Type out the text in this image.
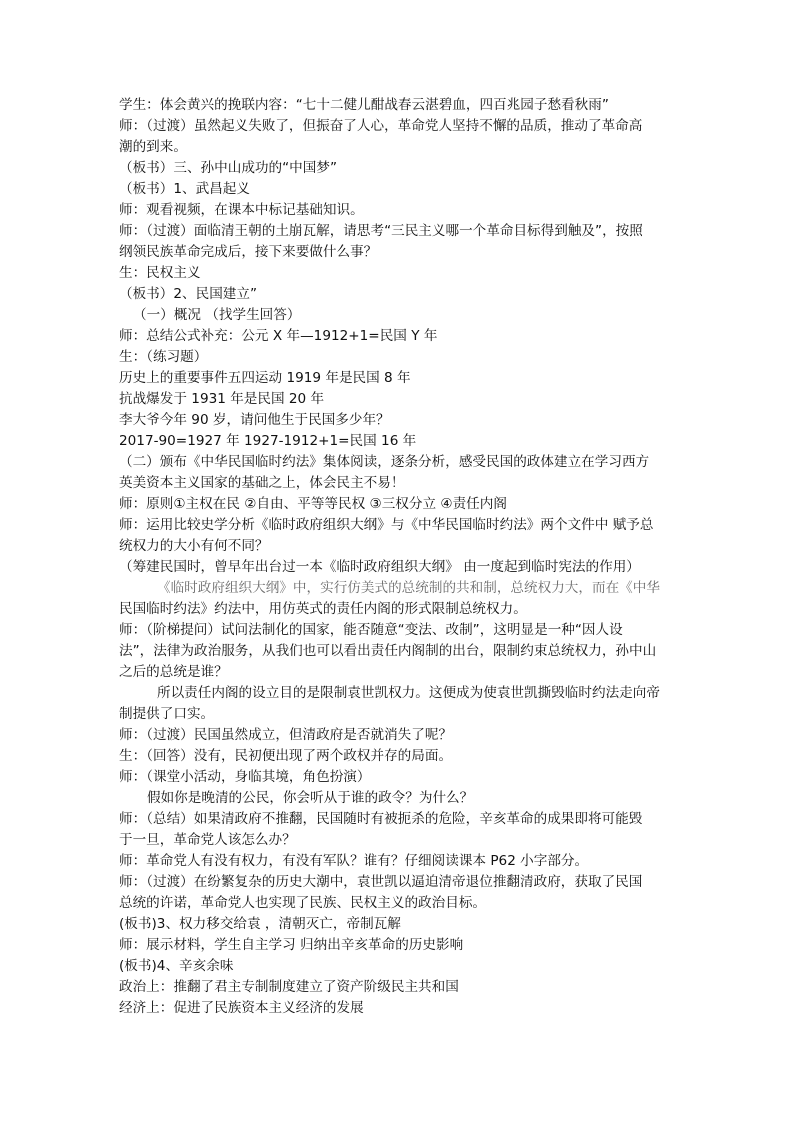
学生：体会黄兴的挽联内容：“七十二健儿酣战春云湛碧血，四百兆园子愁看秋雨”
师：（过渡）虽然起义失败了，但振奋了人心，革命党人坚持不懈的品质，推动了革命高
潮的到来。
（板书）三、孙中山成功的“中国梦”
（板书）1、武昌起义
师：观看视频，在课本中标记基础知识。
师：（过渡）面临清王朝的土崩瓦解，请思考“三民主义哪一个革命目标得到触及”，按照
纲领民族革命完成后，接下来要做什么事？
生：民权主义
（板书）2、民国建立”
（一）概况 （找学生回答）
师：总结公式补充：公元 X 年—1912+1=民国 Y 年
生：（练习题）
历史上的重要事件五四运动 1919 年是民国 8 年
抗战爆发于 1931 年是民国 20 年
李大爷今年 90 岁，请问他生于民国多少年？
2017-90=1927 年 1927-1912+1=民国 16 年
（二）颁布《中华民国临时约法》集体阅读，逐条分析，感受民国的政体建立在学习西方
英美资本主义国家的基础之上，体会民主不易！
师：原则①主权在民 ②自由、平等等民权 ③三权分立 ④责任内阁
师：运用比较史学分析《临时政府组织大纲》与《中华民国临时约法》两个文件中 赋予总
统权力的大小有何不同？
（筹建民国时，曾早年出台过一本《临时政府组织大纲》 由一度起到临时宪法的作用）
《临时政府组织大纲》中，实行仿美式的总统制的共和制，总统权力大，而在《中华
民国临时约法》约法中，用仿英式的责任内阁的形式限制总统权力。
师：（阶梯提问）试问法制化的国家，能否随意“变法、改制”，这明显是一种“因人设
法”，法律为政治服务，从我们也可以看出责任内阁制的出台，限制约束总统权力，孙中山
之后的总统是谁？
所以责任内阁的设立目的是限制袁世凯权力。这便成为使袁世凯撕毁临时约法走向帝
制提供了口实。
师：（过渡）民国虽然成立，但清政府是否就消失了呢？
生：（回答）没有，民初便出现了两个政权并存的局面。
师：（课堂小活动，身临其境，角色扮演）
假如你是晚清的公民，你会听从于谁的政令？为什么？
师：（总结）如果清政府不推翻，民国随时有被扼杀的危险，辛亥革命的成果即将可能毁
于一旦，革命党人该怎么办？
师：革命党人有没有权力，有没有军队？谁有？仔细阅读课本 P62 小字部分。
师：（过渡）在纷繁复杂的历史大潮中，袁世凯以逼迫清帝退位推翻清政府，获取了民国
总统的许诺，革命党人也实现了民族、民权主义的政治目标。
(板书)3、权力移交给袁 ，清朝灭亡，帝制瓦解
师：展示材料，学生自主学习 归纳出辛亥革命的历史影响
(板书)4、辛亥余味
政治上：推翻了君主专制制度建立了资产阶级民主共和国
经济上：促进了民族资本主义经济的发展
